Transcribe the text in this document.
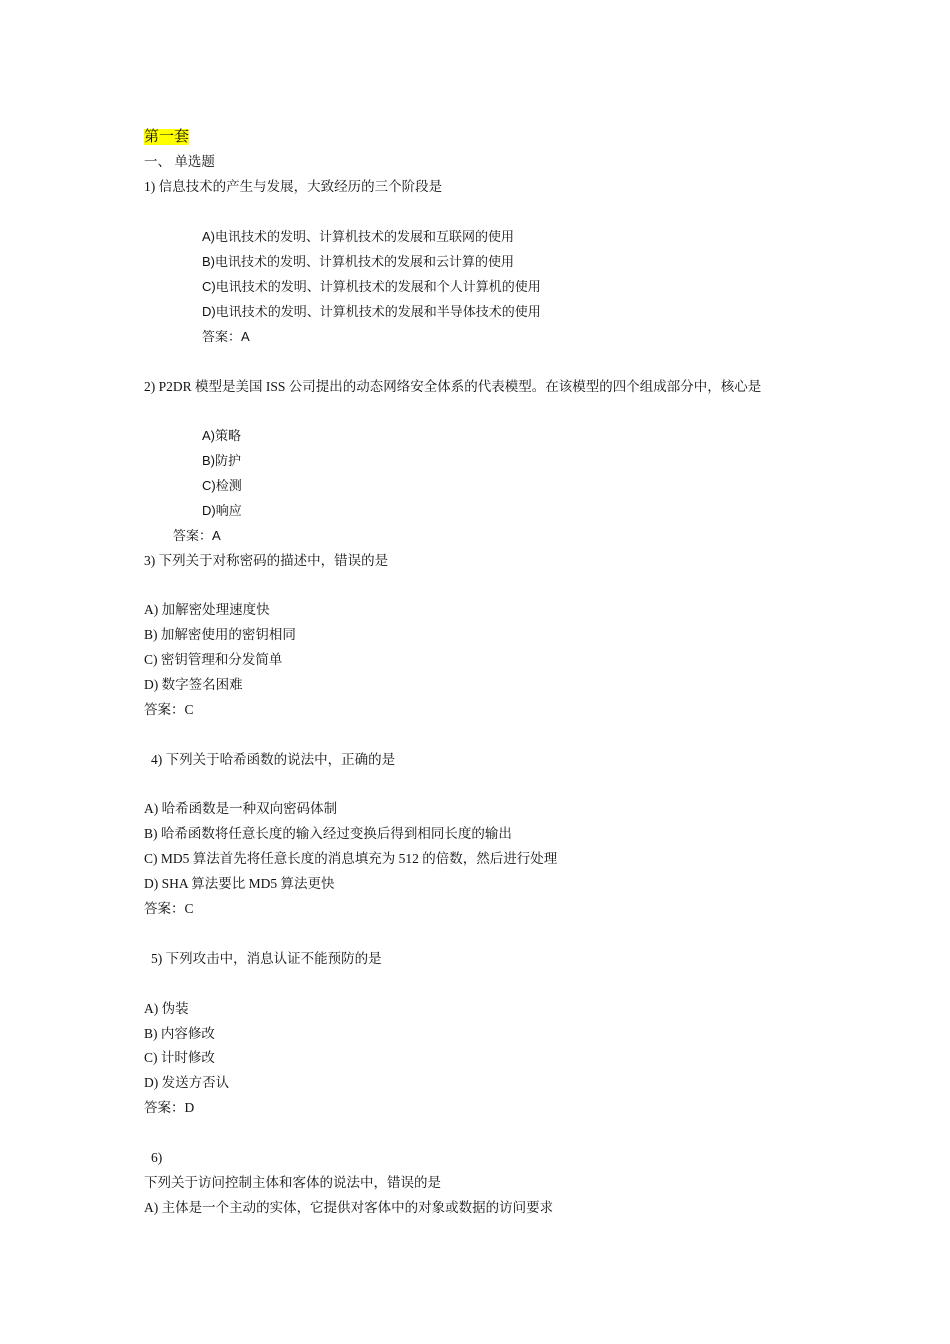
第一套
一、 单选题
1) 信息技术的产生与发展，大致经历的三个阶段是
A)电讯技术的发明、计算机技术的发展和互联网的使用
B)电讯技术的发明、计算机技术的发展和云计算的使用
C)电讯技术的发明、计算机技术的发展和个人计算机的使用
D)电讯技术的发明、计算机技术的发展和半导体技术的使用
答案：A
2) P2DR 模型是美国 ISS 公司提出的动态网络安全体系的代表模型。在该模型的四个组成部分中，核心是
A)策略
B)防护
C)检测
D)响应
答案：A
3) 下列关于对称密码的描述中，错误的是
A) 加解密处理速度快
B) 加解密使用的密钥相同
C) 密钥管理和分发简单
D) 数字签名困难
答案：C
4) 下列关于哈希函数的说法中，正确的是
A) 哈希函数是一种双向密码体制
B) 哈希函数将任意长度的输入经过变换后得到相同长度的输出
C) MD5 算法首先将任意长度的消息填充为 512 的倍数，然后进行处理
D) SHA 算法要比 MD5 算法更快
答案：C
5) 下列攻击中，消息认证不能预防的是
A) 伪装
B) 内容修改
C) 计时修改
D) 发送方否认
答案：D
6)
下列关于访问控制主体和客体的说法中，错误的是
A) 主体是一个主动的实体，它提供对客体中的对象或数据的访问要求
